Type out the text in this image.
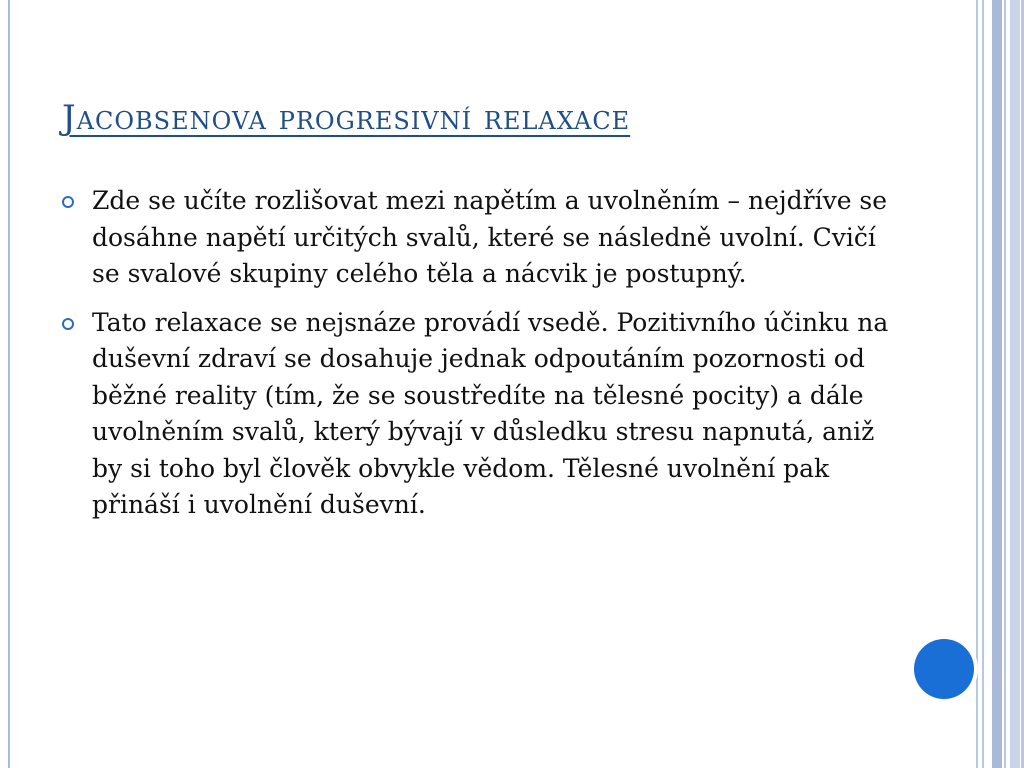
Jacobsenova progresivní relaxace
Zde se učíte rozlišovat mezi napětím a uvolněním – nejdříve se dosáhne napětí určitých svalů, které se následně uvolní. Cvičí se svalové skupiny celého těla a nácvik je postupný.
Tato relaxace se nejsnáze provádí vsedě. Pozitivního účinku na duševní zdraví se dosahuje jednak odpoutáním pozornosti od běžné reality (tím, že se soustředíte na tělesné pocity) a dále uvolněním svalů, který bývají v důsledku stresu napnutá, aniž by si toho byl člověk obvykle vědom. Tělesné uvolnění pak přináší i uvolnění duševní.
